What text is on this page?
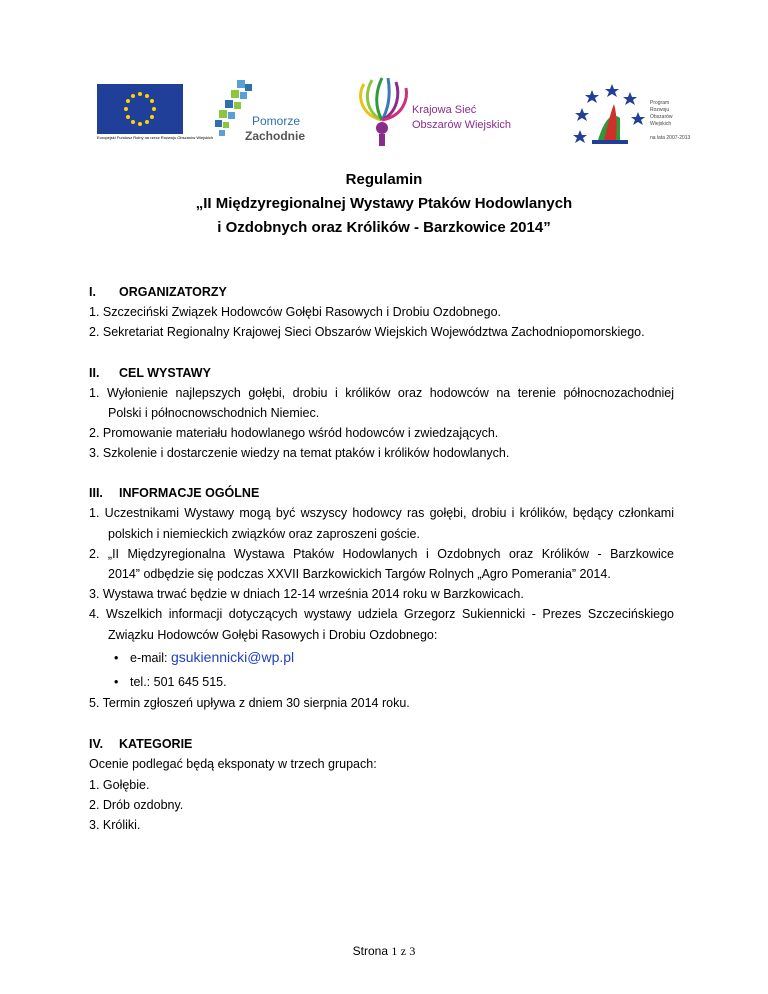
Europejski Fundusz Rolny na rzecz Rozwoju Obszarów Wiejskich
Pomorze
Zachodnie
Krajowa Sieć
Obszarów Wiejskich
Program
Rozwoju
Obszarów
Wiejskich
na lata 2007-2013
Regulamin
„II Międzyregionalnej Wystawy Ptaków Hodowlanych
i Ozdobnych oraz Królików - Barzkowice 2014”
I. ORGANIZATORZY
1. Szczeciński Związek Hodowców Gołębi Rasowych i Drobiu Ozdobnego.
2. Sekretariat Regionalny Krajowej Sieci Obszarów Wiejskich Województwa Zachodniopomorskiego.
II. CEL WYSTAWY
1. Wyłonienie najlepszych gołębi, drobiu i królików oraz hodowców na terenie północnozachodniej
Polski i północnowschodnich Niemiec.
2. Promowanie materiału hodowlanego wśród hodowców i zwiedzających.
3. Szkolenie i dostarczenie wiedzy na temat ptaków i królików hodowlanych.
III. INFORMACJE OGÓLNE
1. Uczestnikami Wystawy mogą być wszyscy hodowcy ras gołębi, drobiu i królików, będący członkami
polskich i niemieckich związków oraz zaproszeni goście.
2. „II Międzyregionalna Wystawa Ptaków Hodowlanych i Ozdobnych oraz Królików - Barzkowice
2014” odbędzie się podczas XXVII Barzkowickich Targów Rolnych „Agro Pomerania” 2014.
3. Wystawa trwać będzie w dniach 12-14 września 2014 roku w Barzkowicach.
4. Wszelkich informacji dotyczących wystawy udziela Grzegorz Sukiennicki - Prezes Szczecińskiego
Związku Hodowców Gołębi Rasowych i Drobiu Ozdobnego:
• e-mail: gsukiennicki@wp.pl
• tel.: 501 645 515.
5. Termin zgłoszeń upływa z dniem 30 sierpnia 2014 roku.
IV. KATEGORIE
Ocenie podlegać będą eksponaty w trzech grupach:
1. Gołębie.
2. Drób ozdobny.
3. Króliki.
Strona 1 z 3
